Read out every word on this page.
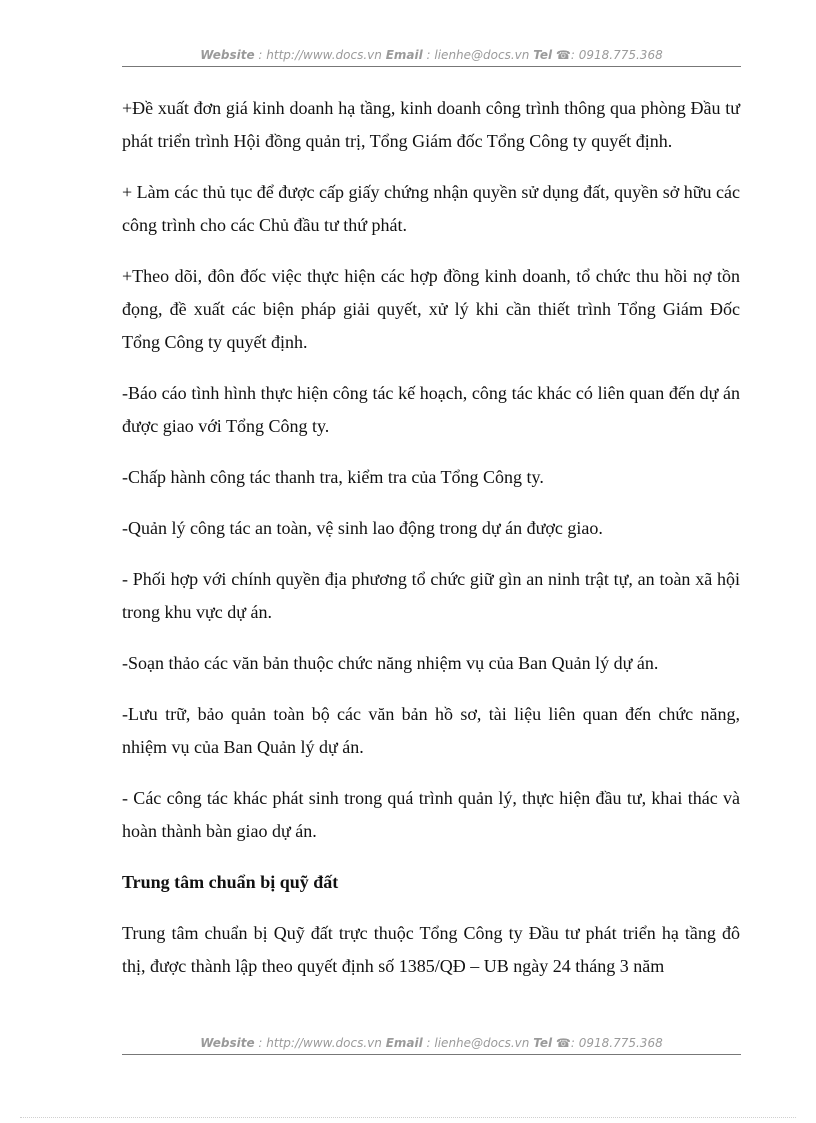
Website : http://www.docs.vn Email : lienhe@docs.vn Tel ☎: 0918.775.368

+Đề xuất đơn giá kinh doanh hạ tầng, kinh doanh công trình thông qua phòng Đầu tư phát triển trình Hội đồng quản trị, Tổng Giám đốc Tổng Công ty quyết định.

+ Làm các thủ tục để được cấp giấy chứng nhận quyền sử dụng đất, quyền sở hữu các công trình cho các Chủ đầu tư thứ phát.

+Theo dõi, đôn đốc việc thực hiện các hợp đồng kinh doanh, tổ chức thu hồi nợ tồn đọng, đề xuất các biện pháp giải quyết, xử lý khi cần thiết trình Tổng Giám Đốc Tổng Công ty quyết định.

-Báo cáo tình hình thực hiện công tác kế hoạch, công tác khác có liên quan đến dự án được giao với Tổng Công ty.

-Chấp hành công tác thanh tra, kiểm tra của Tổng Công ty.

-Quản lý công tác an toàn, vệ sinh lao động trong dự án được giao.

- Phối hợp với chính quyền địa phương tổ chức giữ gìn an ninh trật tự, an toàn xã hội trong khu vực dự án.

-Soạn thảo các văn bản thuộc chức năng nhiệm vụ của Ban Quản lý dự án.

-Lưu trữ, bảo quản toàn bộ các văn bản hồ sơ, tài liệu liên quan đến chức năng, nhiệm vụ của Ban Quản lý dự án.

- Các công tác khác phát sinh trong quá trình quản lý, thực hiện đầu tư, khai thác và hoàn thành bàn giao dự án.

Trung tâm chuẩn bị quỹ đất

Trung tâm chuẩn bị Quỹ đất trực thuộc Tổng Công ty Đầu tư phát triển hạ tầng đô thị, được thành lập theo quyết định số 1385/QĐ – UB ngày 24 tháng 3 năm

Website : http://www.docs.vn Email : lienhe@docs.vn Tel ☎: 0918.775.368
